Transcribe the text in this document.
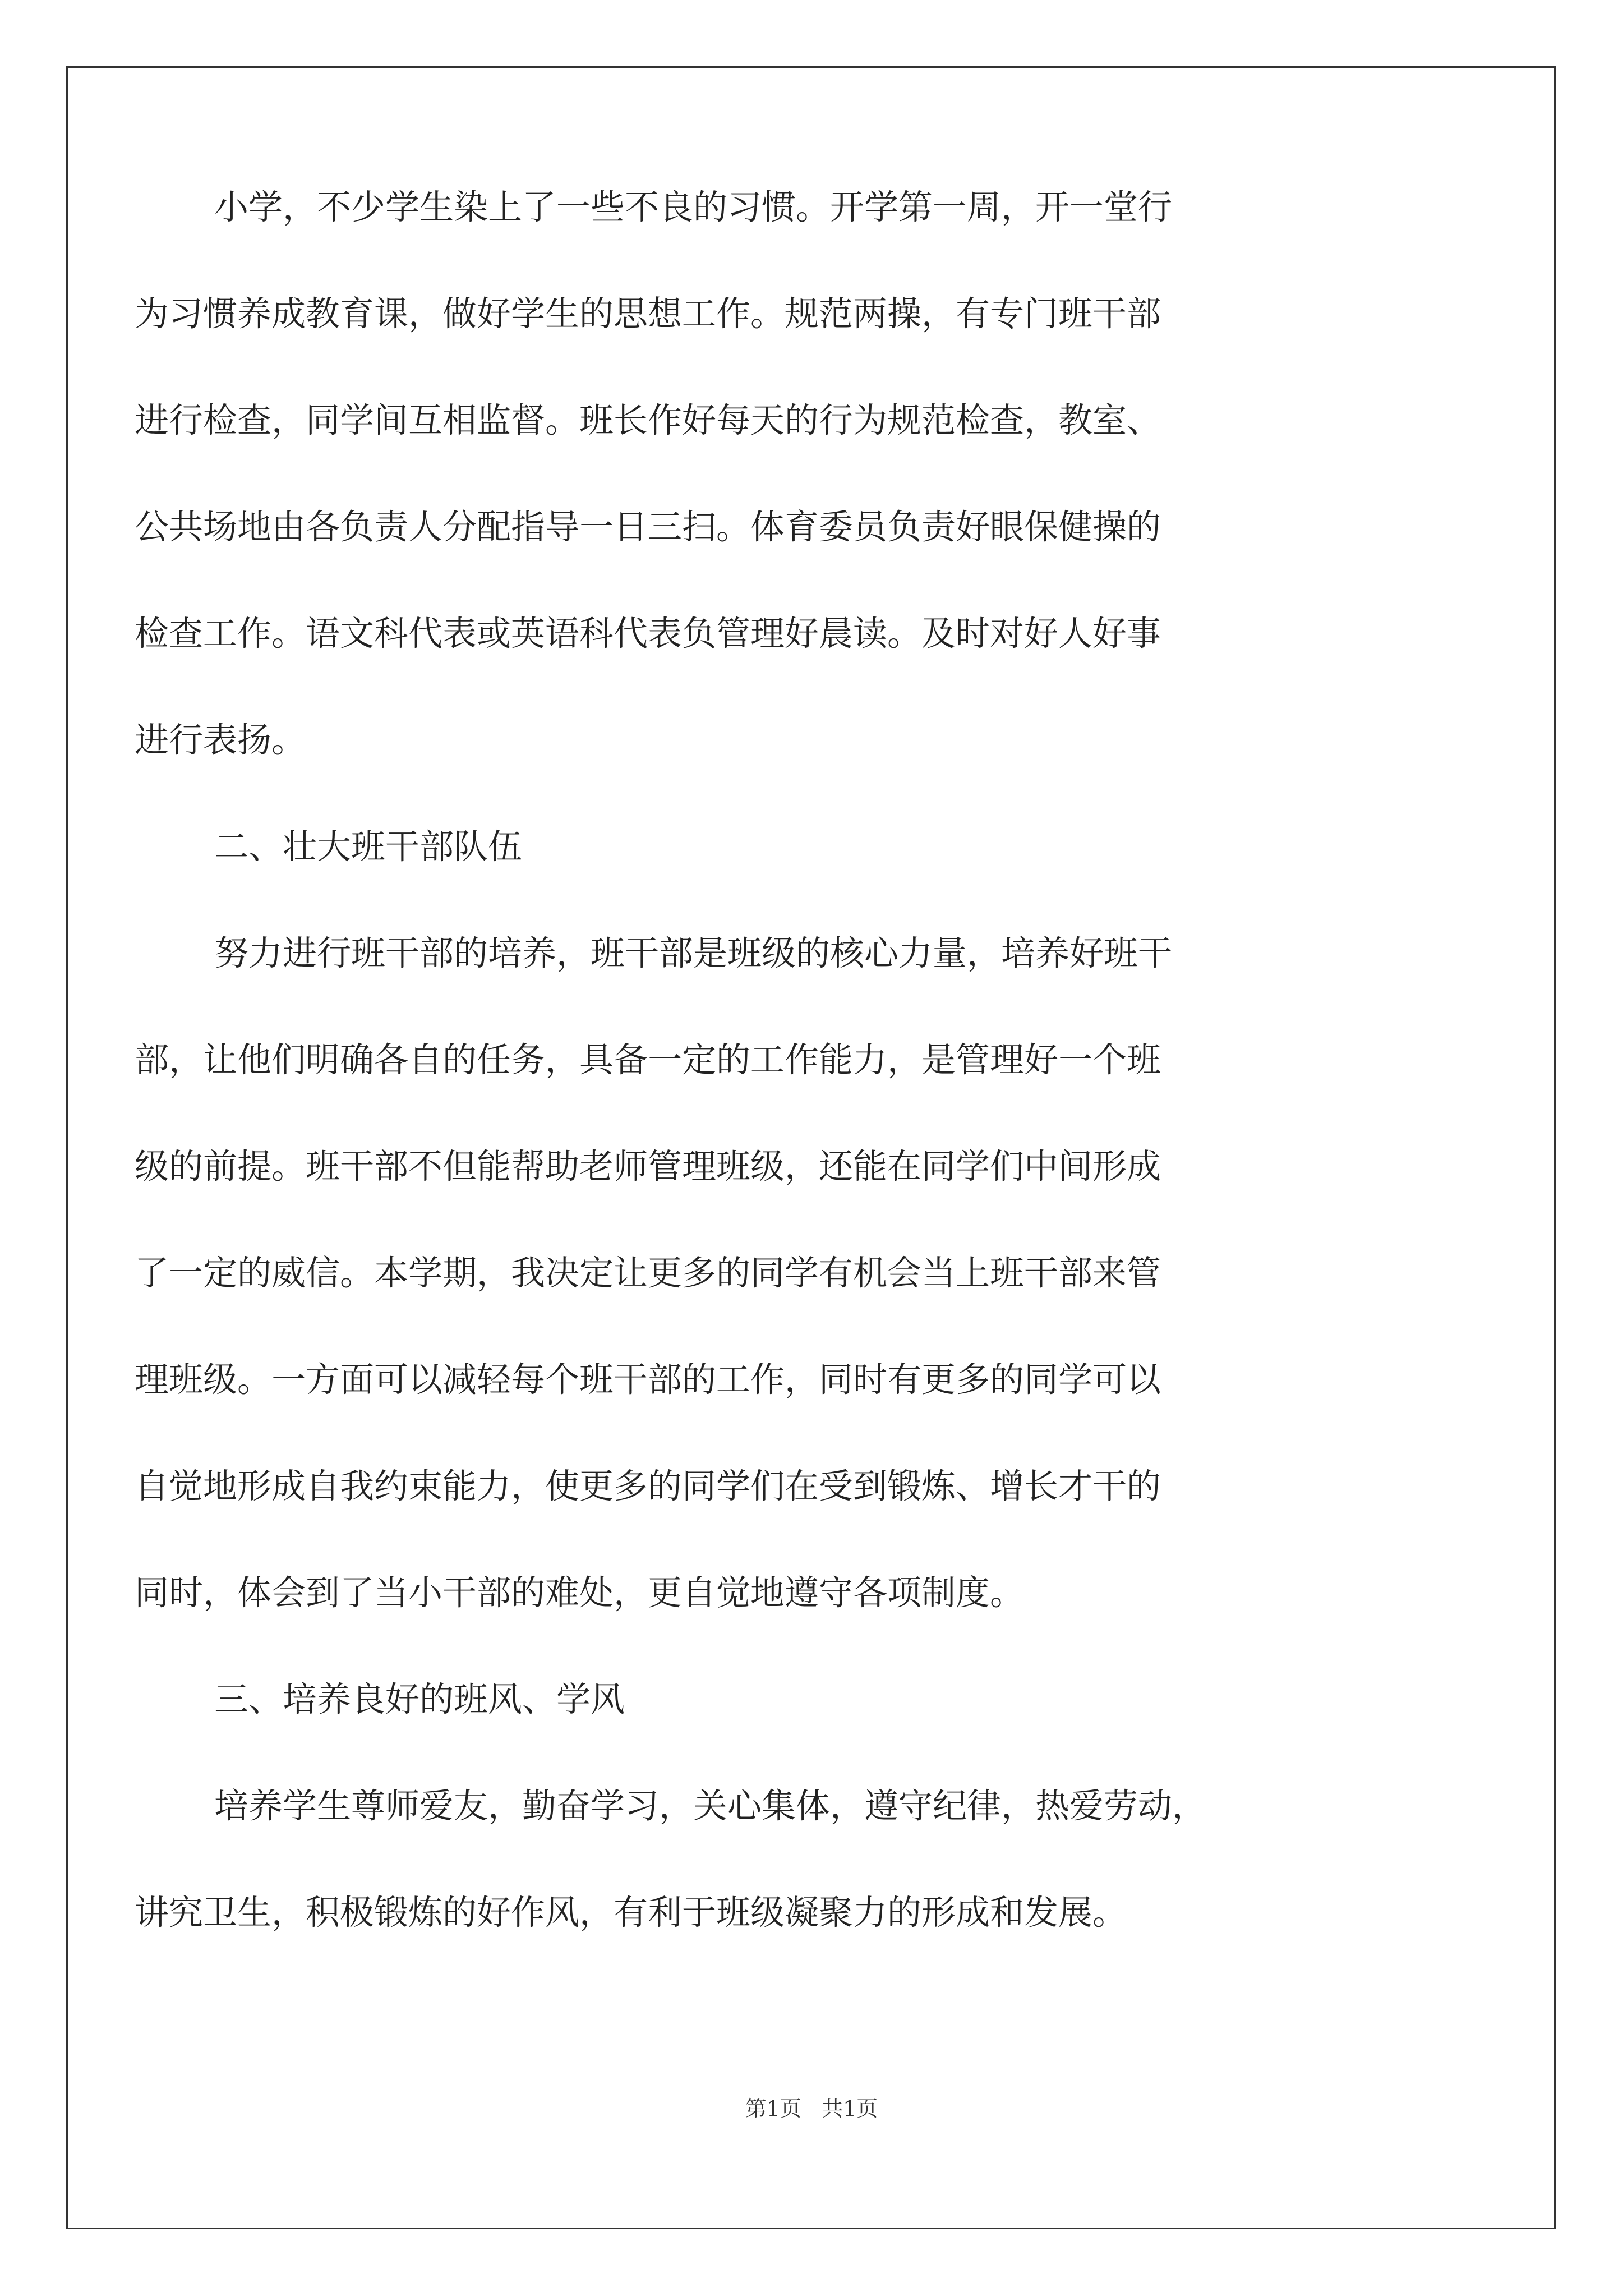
小学，不少学生染上了一些不良的习惯。开学第一周，开一堂行
为习惯养成教育课，做好学生的思想工作。规范两操，有专门班干部
进行检查，同学间互相监督。班长作好每天的行为规范检查，教室、
公共场地由各负责人分配指导一日三扫。体育委员负责好眼保健操的
检查工作。语文科代表或英语科代表负管理好晨读。及时对好人好事
进行表扬。
二、壮大班干部队伍
努力进行班干部的培养，班干部是班级的核心力量，培养好班干
部，让他们明确各自的任务，具备一定的工作能力，是管理好一个班
级的前提。班干部不但能帮助老师管理班级，还能在同学们中间形成
了一定的威信。本学期，我决定让更多的同学有机会当上班干部来管
理班级。一方面可以减轻每个班干部的工作，同时有更多的同学可以
自觉地形成自我约束能力，使更多的同学们在受到锻炼、增长才干的
同时，体会到了当小干部的难处，更自觉地遵守各项制度。
三、培养良好的班风、学风
培养学生尊师爱友，勤奋学习，关心集体，遵守纪律，热爱劳动，
讲究卫生，积极锻炼的好作风，有利于班级凝聚力的形成和发展。
第1页 共1页
